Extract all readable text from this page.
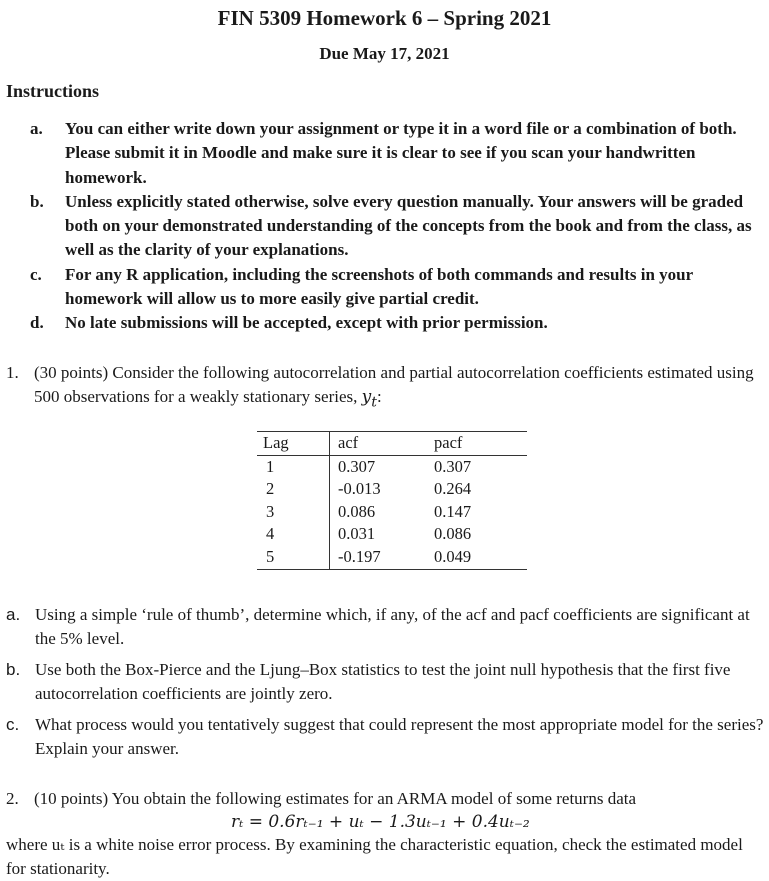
FIN 5309 Homework 6 – Spring 2021
Due May 17, 2021
Instructions
a.	You can either write down your assignment or type it in a word file or a combination of both. Please submit it in Moodle and make sure it is clear to see if you scan your handwritten homework.
b.	Unless explicitly stated otherwise, solve every question manually. Your answers will be graded both on your demonstrated understanding of the concepts from the book and from the class, as well as the clarity of your explanations.
c.	For any R application, including the screenshots of both commands and results in your homework will allow us to more easily give partial credit.
d.	No late submissions will be accepted, except with prior permission.
1. (30 points) Consider the following autocorrelation and partial autocorrelation coefficients estimated using 500 observations for a weakly stationary series, $y_t$:
Lag	acf	pacf
1	0.307	0.307
2	-0.013	0.264
3	0.086	0.147
4	0.031	0.086
5	-0.197	0.049
a. Using a simple ‘rule of thumb’, determine which, if any, of the acf and pacf coefficients are significant at the 5% level.
b. Use both the Box-Pierce and the Ljung–Box statistics to test the joint null hypothesis that the first five autocorrelation coefficients are jointly zero.
c. What process would you tentatively suggest that could represent the most appropriate model for the series? Explain your answer.
2. (10 points) You obtain the following estimates for an ARMA model of some returns data
rₜ = 0.6rₜ₋₁ + uₜ − 1.3uₜ₋₁ + 0.4uₜ₋₂
where uₜ is a white noise error process. By examining the characteristic equation, check the estimated model for stationarity.
